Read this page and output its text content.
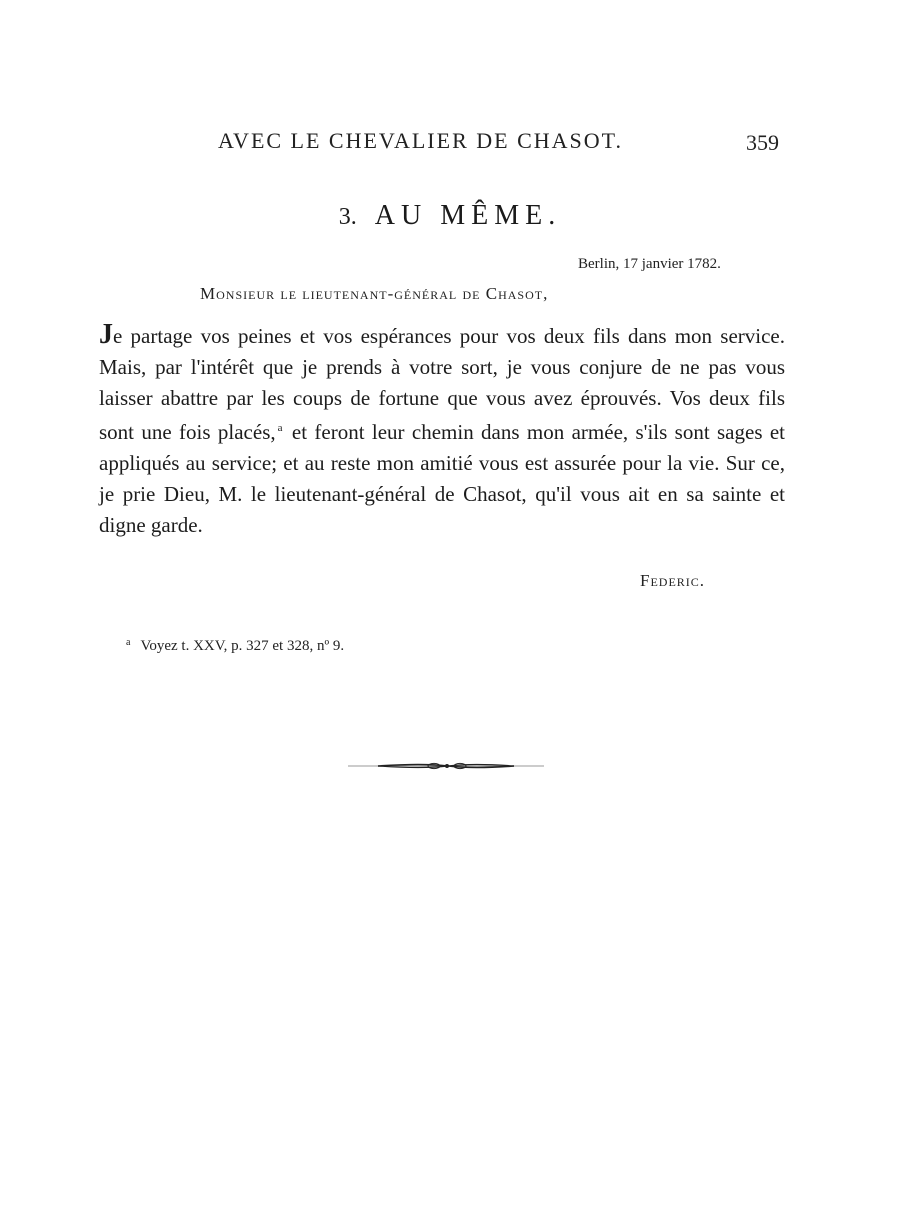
AVEC LE CHEVALIER DE CHASOT.	359
3. AU MÊME.
Berlin, 17 janvier 1782.
Monsieur le lieutenant-général de Chasot,
Je partage vos peines et vos espérances pour vos deux fils dans mon service. Mais, par l'intérêt que je prends à votre sort, je vous conjure de ne pas vous laisser abattre par les coups de fortune que vous avez éprouvés. Vos deux fils sont une fois placés, $^a$ et feront leur chemin dans mon armée, s'ils sont sages et appliqués au service; et au reste mon amitié vous est assurée pour la vie. Sur ce, je prie Dieu, M. le lieutenant-général de Chasot, qu'il vous ait en sa sainte et digne garde.
Federic.
$^a$ Voyez t. XXV, p. 327 et 328, nº 9.
